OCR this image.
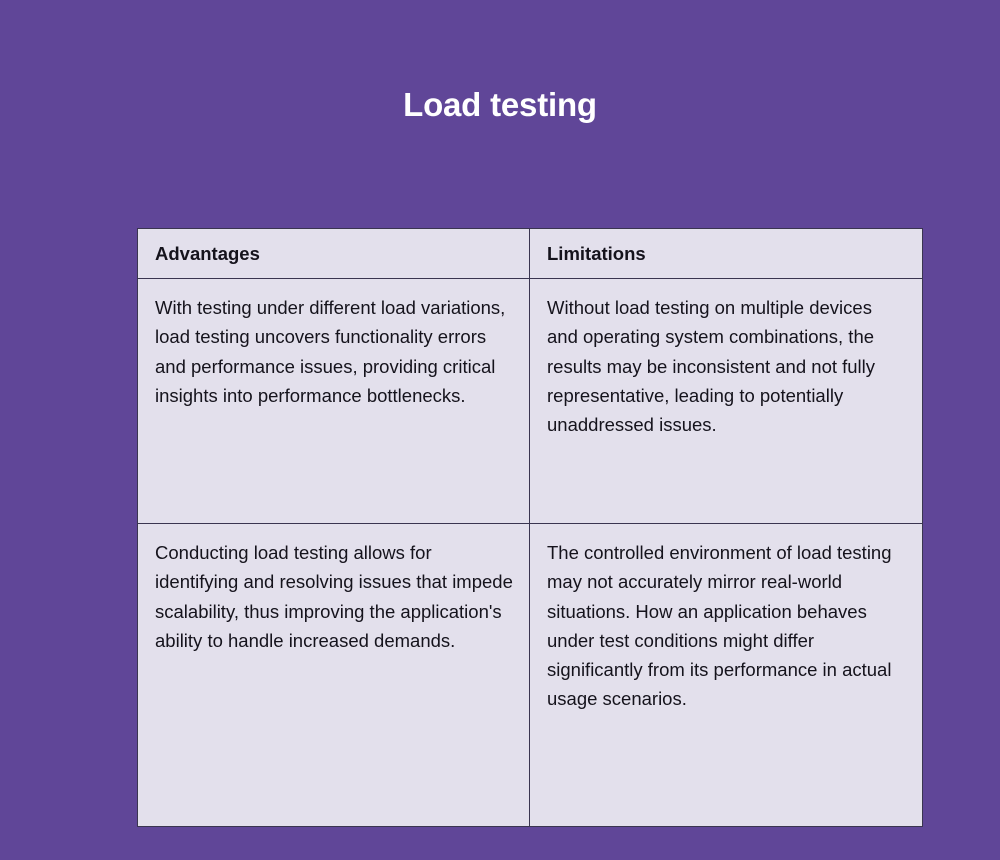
Load testing
Advantages	Limitations

With testing under different load variations, load testing uncovers functionality errors and performance issues, providing critical insights into performance bottlenecks.	Without load testing on multiple devices and operating system combinations, the results may be inconsistent and not fully representative, leading to potentially unaddressed issues.

Conducting load testing allows for identifying and resolving issues that impede scalability, thus improving the application's ability to handle increased demands.	The controlled environment of load testing may not accurately mirror real-world situations. How an application behaves under test conditions might differ significantly from its performance in actual usage scenarios.
